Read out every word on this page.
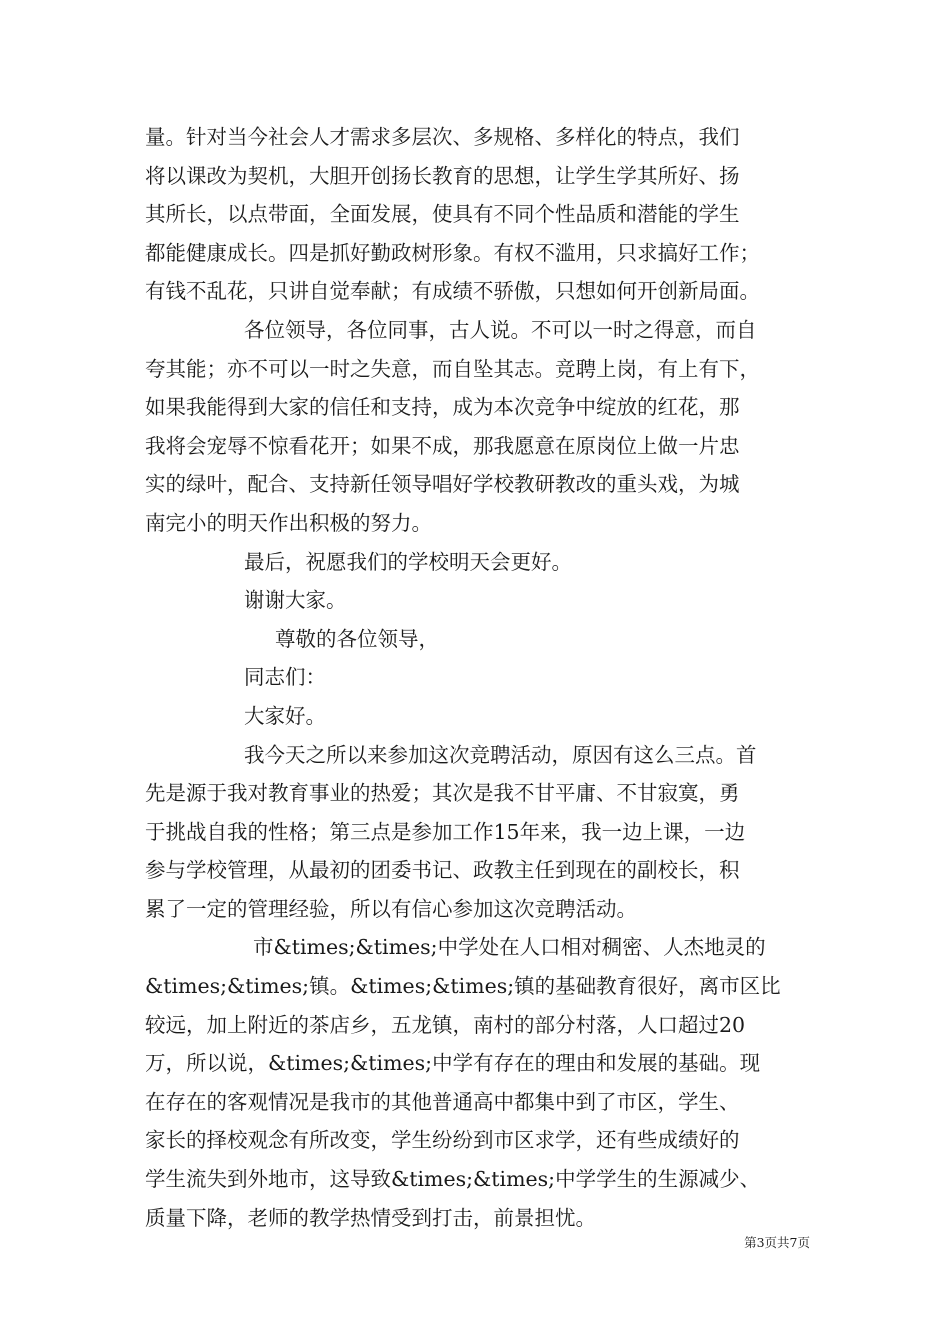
量。针对当今社会人才需求多层次、多规格、多样化的特点，我们
将以课改为契机，大胆开创扬长教育的思想，让学生学其所好、扬
其所长，以点带面，全面发展，使具有不同个性品质和潜能的学生
都能健康成长。四是抓好勤政树形象。有权不滥用，只求搞好工作；
有钱不乱花，只讲自觉奉献；有成绩不骄傲，只想如何开创新局面。
各位领导，各位同事，古人说。不可以一时之得意，而自
夸其能；亦不可以一时之失意，而自坠其志。竞聘上岗，有上有下，
如果我能得到大家的信任和支持，成为本次竞争中绽放的红花，那
我将会宠辱不惊看花开；如果不成，那我愿意在原岗位上做一片忠
实的绿叶，配合、支持新任领导唱好学校教研教改的重头戏，为城
南完小的明天作出积极的努力。
最后，祝愿我们的学校明天会更好。
谢谢大家。
尊敬的各位领导，
同志们：
大家好。
我今天之所以来参加这次竞聘活动，原因有这么三点。首
先是源于我对教育事业的热爱；其次是我不甘平庸、不甘寂寞，勇
于挑战自我的性格；第三点是参加工作15年来，我一边上课，一边
参与学校管理，从最初的团委书记、政教主任到现在的副校长，积
累了一定的管理经验，所以有信心参加这次竞聘活动。
市&times;&times;中学处在人口相对稠密、人杰地灵的
&times;&times;镇。&times;&times;镇的基础教育很好，离市区比
较远，加上附近的茶店乡，五龙镇，南村的部分村落，人口超过20
万，所以说，&times;&times;中学有存在的理由和发展的基础。现
在存在的客观情况是我市的其他普通高中都集中到了市区，学生、
家长的择校观念有所改变，学生纷纷到市区求学，还有些成绩好的
学生流失到外地市，这导致&times;&times;中学学生的生源减少、
质量下降，老师的教学热情受到打击，前景担忧。
第3页共7页
